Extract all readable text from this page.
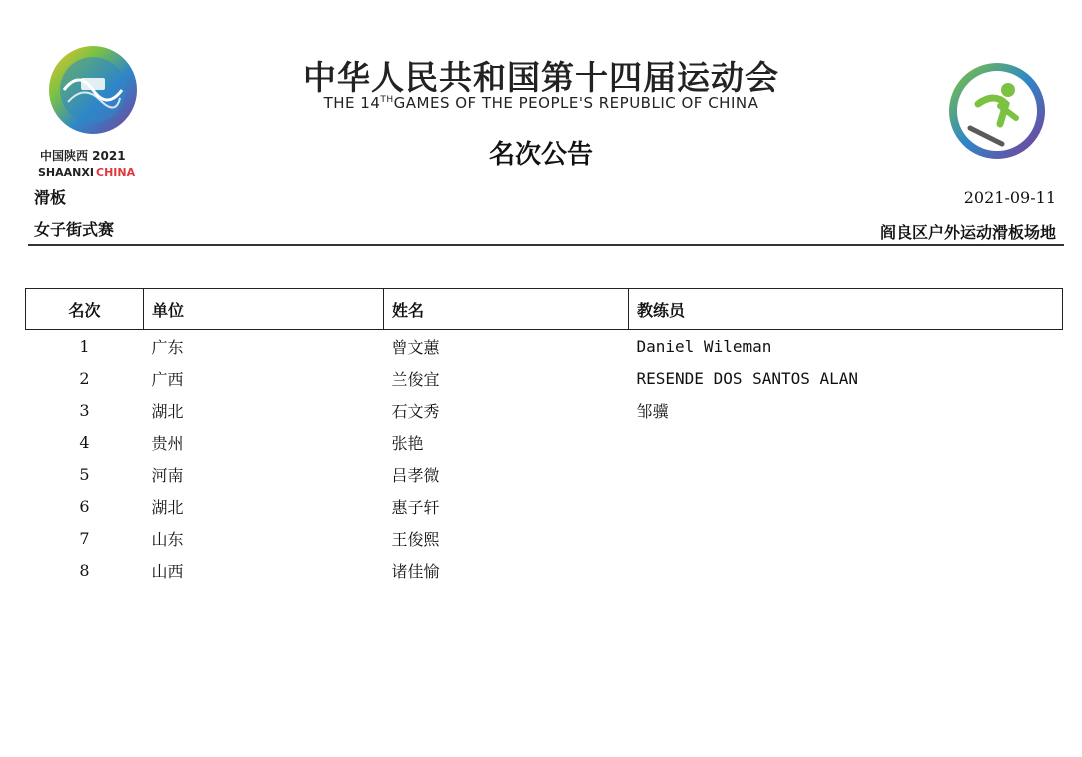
中国陕西 2021
SHAANXI CHINA
中华人民共和国第十四届运动会
THE 14THGAMES OF THE PEOPLE'S REPUBLIC OF CHINA
名次公告
滑板
女子街式赛
2021-09-11
阎良区户外运动滑板场地
名次	单位	姓名	教练员
1	广东	曾文蕙	Daniel Wileman
2	广西	兰俊宜	RESENDE DOS SANTOS ALAN
3	湖北	石文秀	邹骥
4	贵州	张艳	
5	河南	吕孝微	
6	湖北	惠子轩	
7	山东	王俊熙	
8	山西	诸佳愉	
